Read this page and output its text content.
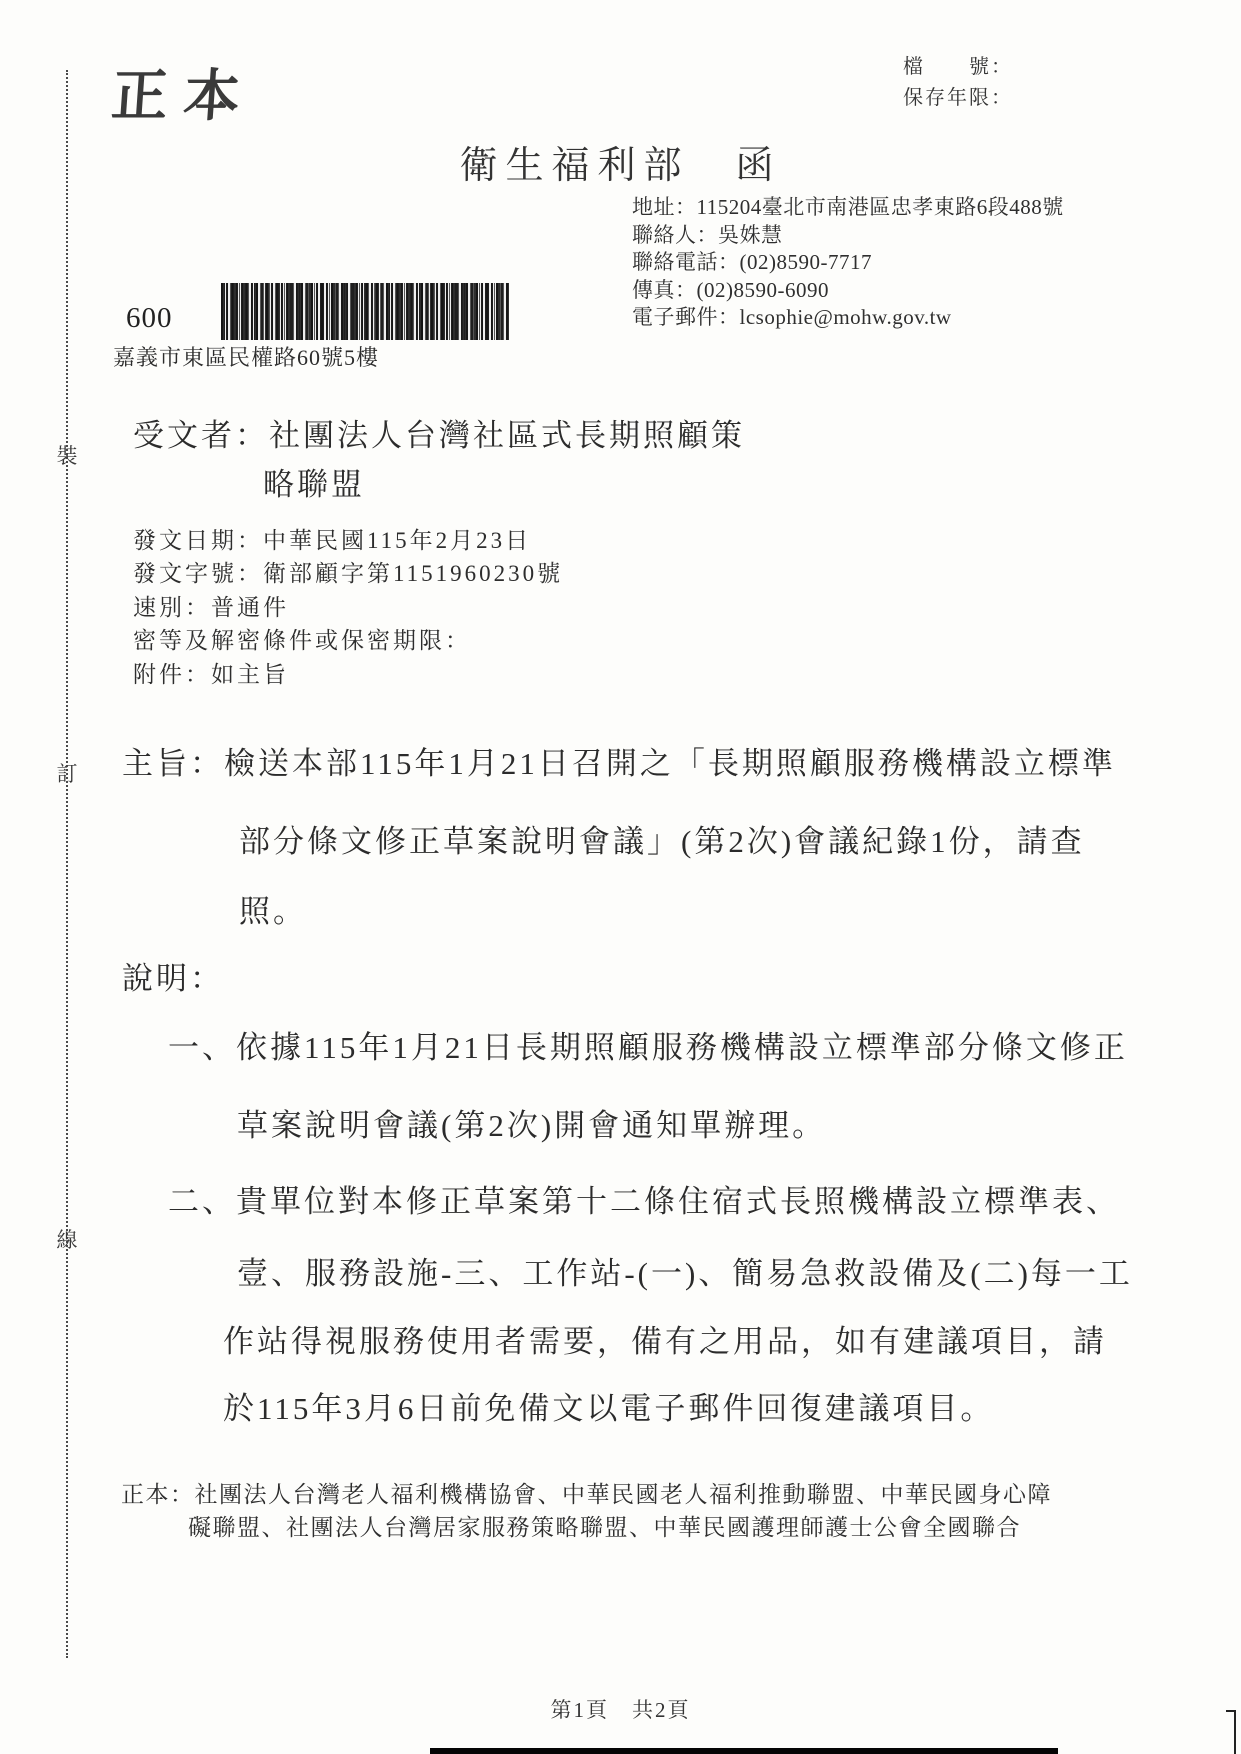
裝
訂
線
正本	檔　　號：
保存年限：
衛生福利部　函
地址：115204臺北市南港區忠孝東路6段488號
聯絡人：吳姝慧
聯絡電話：(02)8590-7717
傳真：(02)8590-6090
電子郵件：lcsophie@mohw.gov.tw
600
嘉義市東區民權路60號5樓
受文者：社團法人台灣社區式長期照顧策
略聯盟
發文日期：中華民國115年2月23日
發文字號：衛部顧字第1151960230號
速別：普通件
密等及解密條件或保密期限：
附件：如主旨
主旨：檢送本部115年1月21日召開之「長期照顧服務機構設立標準
部分條文修正草案說明會議」(第2次)會議紀錄1份，請查
照。
說明：
一、依據115年1月21日長期照顧服務機構設立標準部分條文修正
草案說明會議(第2次)開會通知單辦理。
二、貴單位對本修正草案第十二條住宿式長照機構設立標準表、
壹、服務設施-三、工作站-(一)、簡易急救設備及(二)每一工
作站得視服務使用者需要，備有之用品，如有建議項目，請
於115年3月6日前免備文以電子郵件回復建議項目。
正本：社團法人台灣老人福利機構協會、中華民國老人福利推動聯盟、中華民國身心障
礙聯盟、社團法人台灣居家服務策略聯盟、中華民國護理師護士公會全國聯合
第1頁　共2頁
